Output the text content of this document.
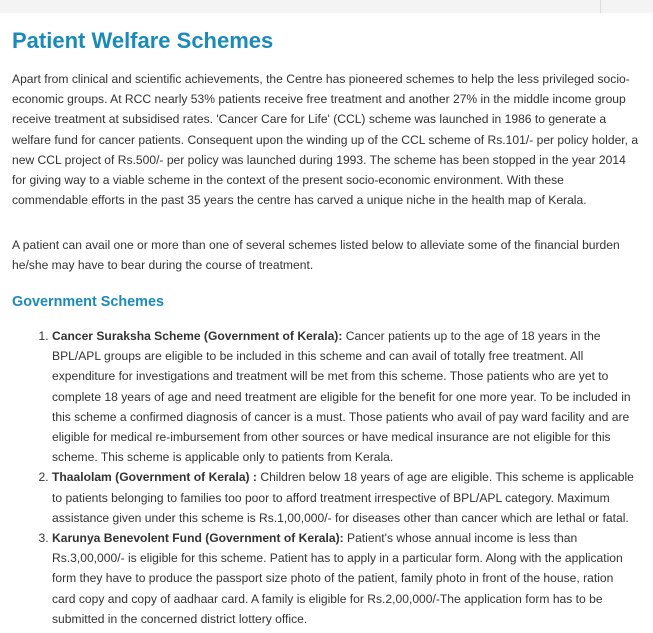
Patient Welfare Schemes

Apart from clinical and scientific achievements, the Centre has pioneered schemes to help the less privileged socio-economic groups. At RCC nearly 53% patients receive free treatment and another 27% in the middle income group receive treatment at subsidised rates. 'Cancer Care for Life' (CCL) scheme was launched in 1986 to generate a welfare fund for cancer patients. Consequent upon the winding up of the CCL scheme of Rs.101/- per policy holder, a new CCL project of Rs.500/- per policy was launched during 1993. The scheme has been stopped in the year 2014 for giving way to a viable scheme in the context of the present socio-economic environment. With these commendable efforts in the past 35 years the centre has carved a unique niche in the health map of Kerala.

A patient can avail one or more than one of several schemes listed below to alleviate some of the financial burden he/she may have to bear during the course of treatment.

Government Schemes
1. Cancer Suraksha Scheme (Government of Kerala): Cancer patients up to the age of 18 years in the BPL/APL groups are eligible to be included in this scheme and can avail of totally free treatment. All expenditure for investigations and treatment will be met from this scheme. Those patients who are yet to complete 18 years of age and need treatment are eligible for the benefit for one more year. To be included in this scheme a confirmed diagnosis of cancer is a must. Those patients who avail of pay ward facility and are eligible for medical re-imbursement from other sources or have medical insurance are not eligible for this scheme. This scheme is applicable only to patients from Kerala.
2. Thaalolam (Government of Kerala) : Children below 18 years of age are eligible. This scheme is applicable to patients belonging to families too poor to afford treatment irrespective of BPL/APL category. Maximum assistance given under this scheme is Rs.1,00,000/- for diseases other than cancer which are lethal or fatal.
3. Karunya Benevolent Fund (Government of Kerala): Patient's whose annual income is less than Rs.3,00,000/- is eligible for this scheme. Patient has to apply in a particular form. Along with the application form they have to produce the passport size photo of the patient, family photo in front of the house, ration card copy and copy of aadhaar card. A family is eligible for Rs.2,00,000/-The application form has to be submitted in the concerned district lottery office.
